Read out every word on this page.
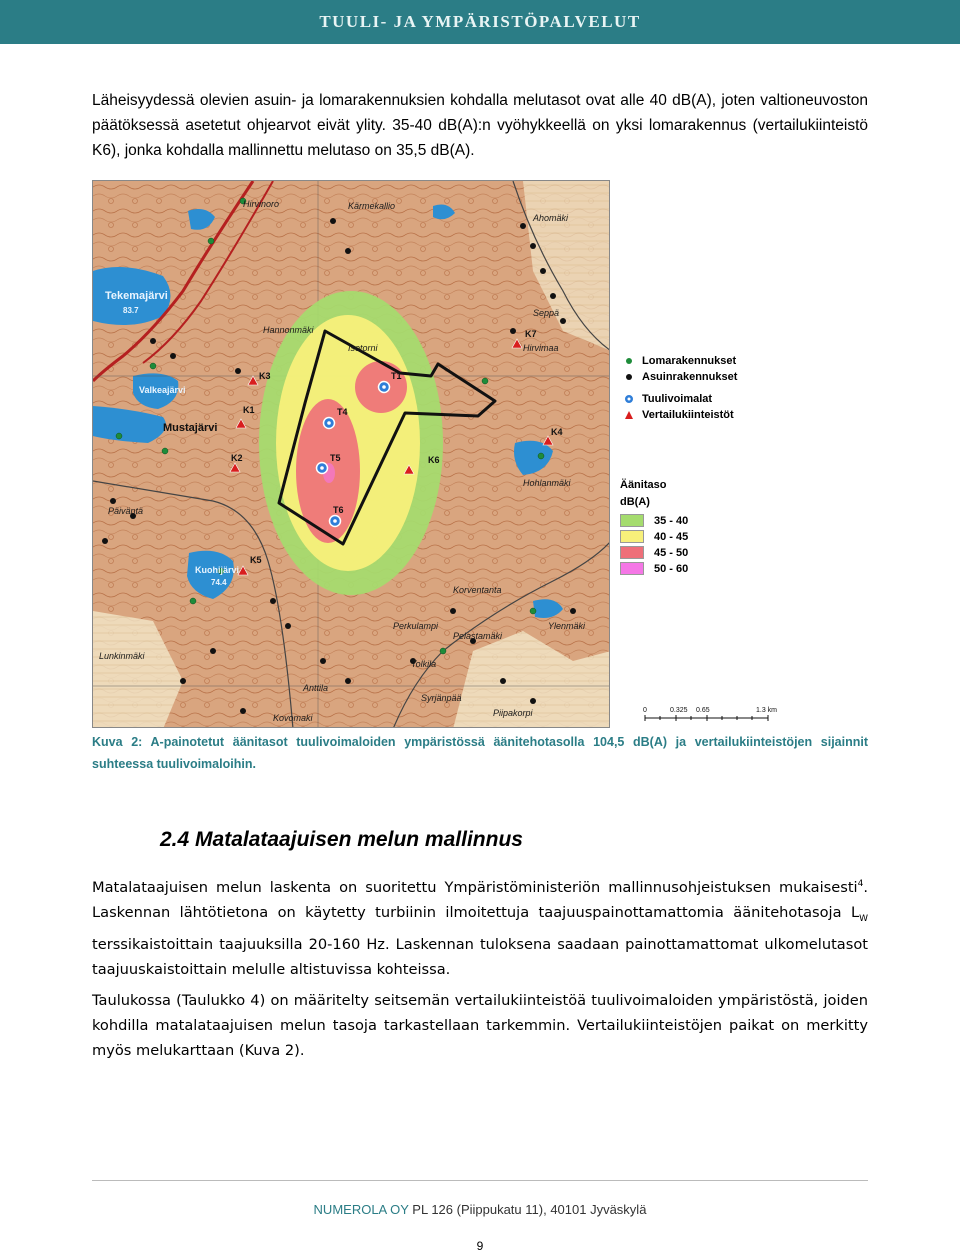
TUULI- JA YMPÄRISTÖPALVELUT

Läheisyydessä olevien asuin- ja lomarakennuksien kohdalla melutasot ovat alle 40 dB(A), joten valtioneuvoston päätöksessä asetetut ohjearvot eivät ylity. 35-40 dB(A):n vyöhykkeellä on yksi lomarakennus (vertailukiinteistö K6), jonka kohdalla mallinnettu melutaso on 35,5 dB(A).

T1
T4
T5
T6
K1
K2
K3
K4
K5
K6
K7
Hirvinoro	Kärmekallio
Ahomäki
Seppä
Hirvimaa
Hannonmäki
Isotorni
Hohlanmäki
Päiväntä
Korventanta
Perkulampi
Pelastamäki
Lunkinmäki
Tolkila
Syrjänpää
Piipakorpi
Kovomaki
Anttila
Ylenmäki
Tekemajärvi
83.7
Valkeajärvi
Kuohijärvi
74.4
Mustajärvi
Lomarakennukset
Asuinrakennukset
Tuulivoimalat
Vertailukiinteistöt
Äänitaso
dB(A)
35 - 40
40 - 45
45 - 50
50 - 60
0	0.325 0.65	1.3 km

Kuva 2: A-painotetut äänitasot tuulivoimaloiden ympäristössä äänitehotasolla 104,5 dB(A) ja vertailukiinteistöjen sijainnit suhteessa tuulivoimaloihin.

2.4 Matalataajuisen melun mallinnus

Matalataajuisen melun laskenta on suoritettu Ympäristöministeriön mallinnusohjeistuksen mukaisesti$^4$. Laskennan lähtötietona on käytetty turbiinin ilmoitettuja taajuuspainottamattomia äänitehotasoja $L_W$ terssikaistoittain taajuuksilla 20-160 Hz. Laskennan tuloksena saadaan painottamattomat ulkomelutasot taajuuskaistoittain melulle altistuvissa kohteissa.

Taulukossa (Taulukko 4) on määritelty seitsemän vertailukiinteistöä tuulivoimaloiden ympäristöstä, joiden kohdilla matalataajuisen melun tasoja tarkastellaan tarkemmin. Vertailukiinteistöjen paikat on merkitty myös melukarttaan (Kuva 2).

NUMEROLA OY PL 126 (Piippukatu 11), 40101 Jyväskylä
9
